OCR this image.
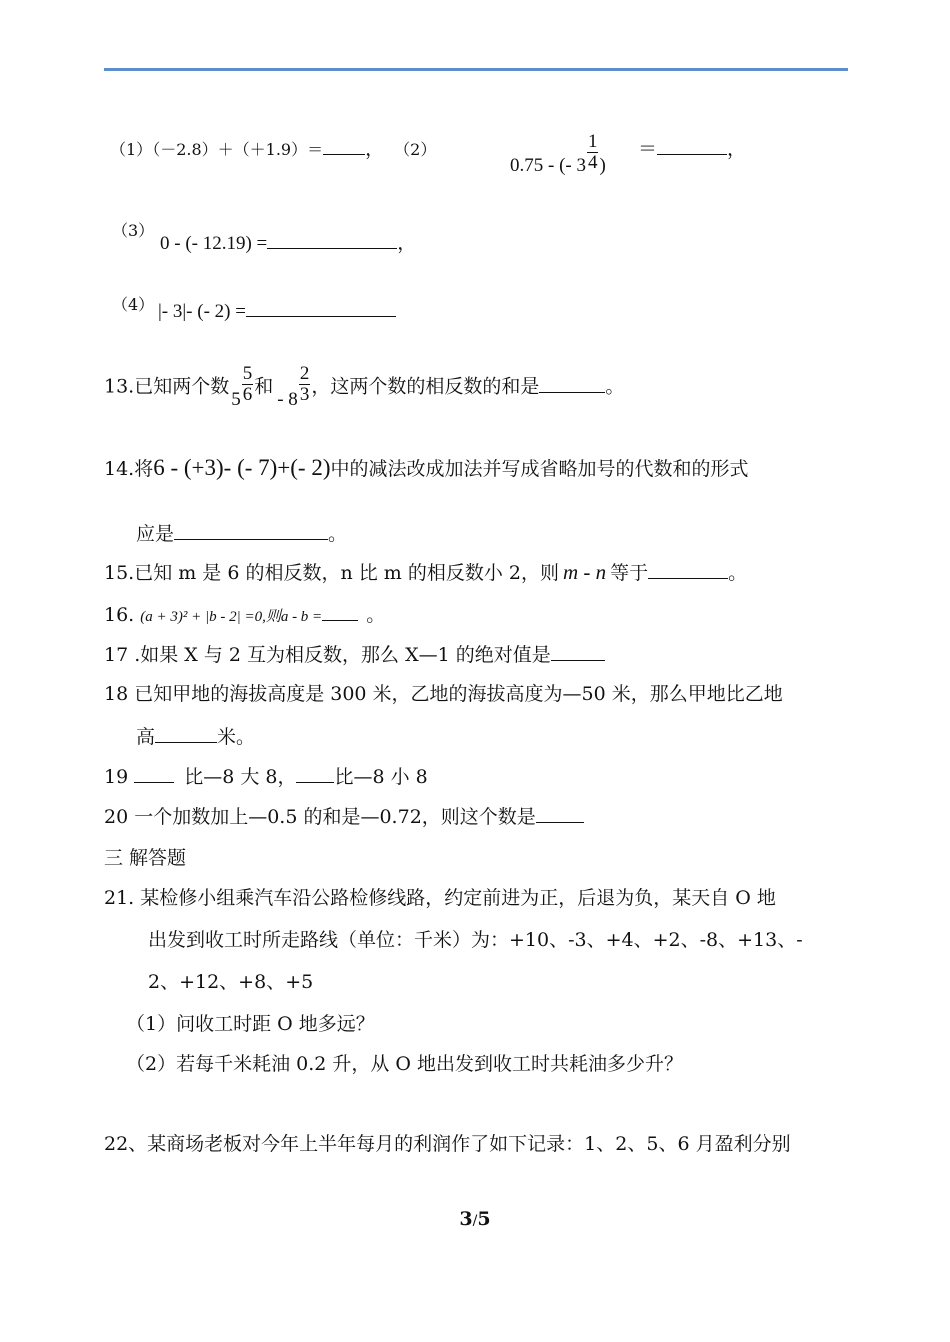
（1）（－2.8）＋（＋1.9）＝ ， （2）
0.75 - (- $3 \frac{1}{4}$ )
＝	，
（3）
0 - (- 12.19) =	，
（4） |- 3|- (- 2) =
13.已知两个数$5 \frac{5}{6}$ 和- $8 \frac{2}{3}$ ，这两个数的相反数的和是	。
14.将6 - (+3)- (- 7)+(- 2)中的减法改成加法并写成省略加号的代数和的形式
应是	。
15.已知 m 是 6 的相反数，n 比 m 的相反数小 2，则 m - n 等于	。
16. (a + 3)² + |b - 2| =0,则a - b = 。
17 .如果 X 与 2 互为相反数，那么 X—1 的绝对值是
18 已知甲地的海拔高度是 300 米，乙地的海拔高度为—50 米，那么甲地比乙地
高	米。
19	比—8 大 8， 比—8 小 8
20 一个加数加上—0.5 的和是—0.72，则这个数是
三 解答题
21. 某检修小组乘汽车沿公路检修线路，约定前进为正，后退为负，某天自 O 地
出发到收工时所走路线（单位：千米）为：+10、-3、+4、+2、-8、+13、-
2、+12、+8、+5
（1）问收工时距 O 地多远？
（2）若每千米耗油 0.2 升，从 O 地出发到收工时共耗油多少升？
22、某商场老板对今年上半年每月的利润作了如下记录：1、2、5、6 月盈利分别
3/5
